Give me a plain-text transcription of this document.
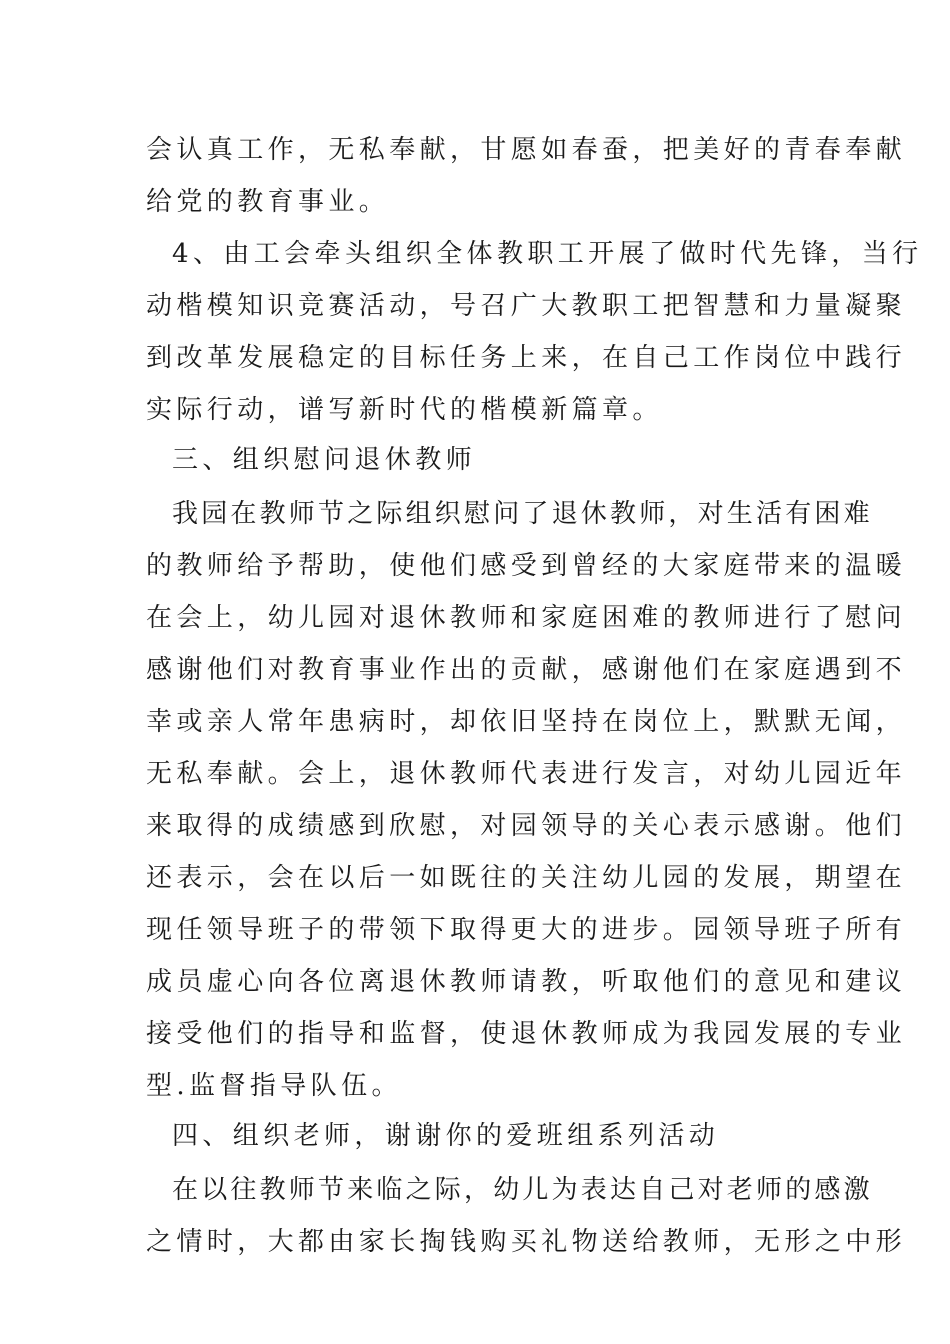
会认真工作，无私奉献，甘愿如春蚕，把美好的青春奉献
给党的教育事业。
4、由工会牵头组织全体教职工开展了做时代先锋，当行
动楷模知识竞赛活动，号召广大教职工把智慧和力量凝聚
到改革发展稳定的目标任务上来，在自己工作岗位中践行
实际行动，谱写新时代的楷模新篇章。
三、组织慰问退休教师
我园在教师节之际组织慰问了退休教师，对生活有困难
的教师给予帮助，使他们感受到曾经的大家庭带来的温暖
在会上，幼儿园对退休教师和家庭困难的教师进行了慰问
感谢他们对教育事业作出的贡献，感谢他们在家庭遇到不
幸或亲人常年患病时，却依旧坚持在岗位上，默默无闻，
无私奉献。会上，退休教师代表进行发言，对幼儿园近年
来取得的成绩感到欣慰，对园领导的关心表示感谢。他们
还表示，会在以后一如既往的关注幼儿园的发展，期望在
现任领导班子的带领下取得更大的进步。园领导班子所有
成员虚心向各位离退休教师请教，听取他们的意见和建议
接受他们的指导和监督，使退休教师成为我园发展的专业
型.监督指导队伍。
四、组织老师，谢谢你的爱班组系列活动
在以往教师节来临之际，幼儿为表达自己对老师的感激
之情时，大都由家长掏钱购买礼物送给教师，无形之中形
